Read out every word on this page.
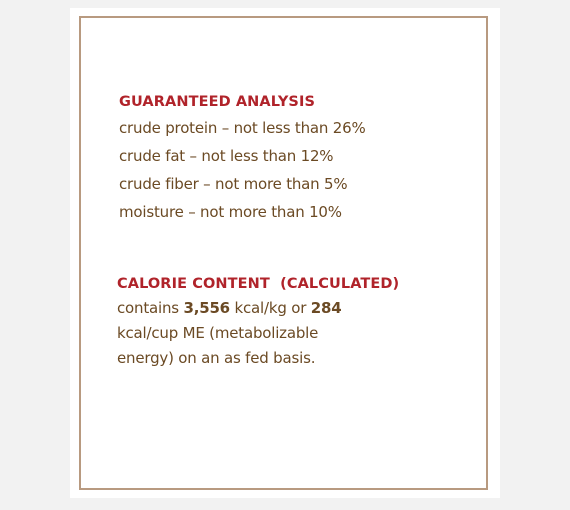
GUARANTEED ANALYSIS
crude protein – not less than 26%
crude fat – not less than 12%
crude fiber – not more than 5%
moisture – not more than 10%
CALORIE CONTENT  (CALCULATED)
contains 3,556 kcal/kg or 284
kcal/cup ME (metabolizable
energy) on an as fed basis.
